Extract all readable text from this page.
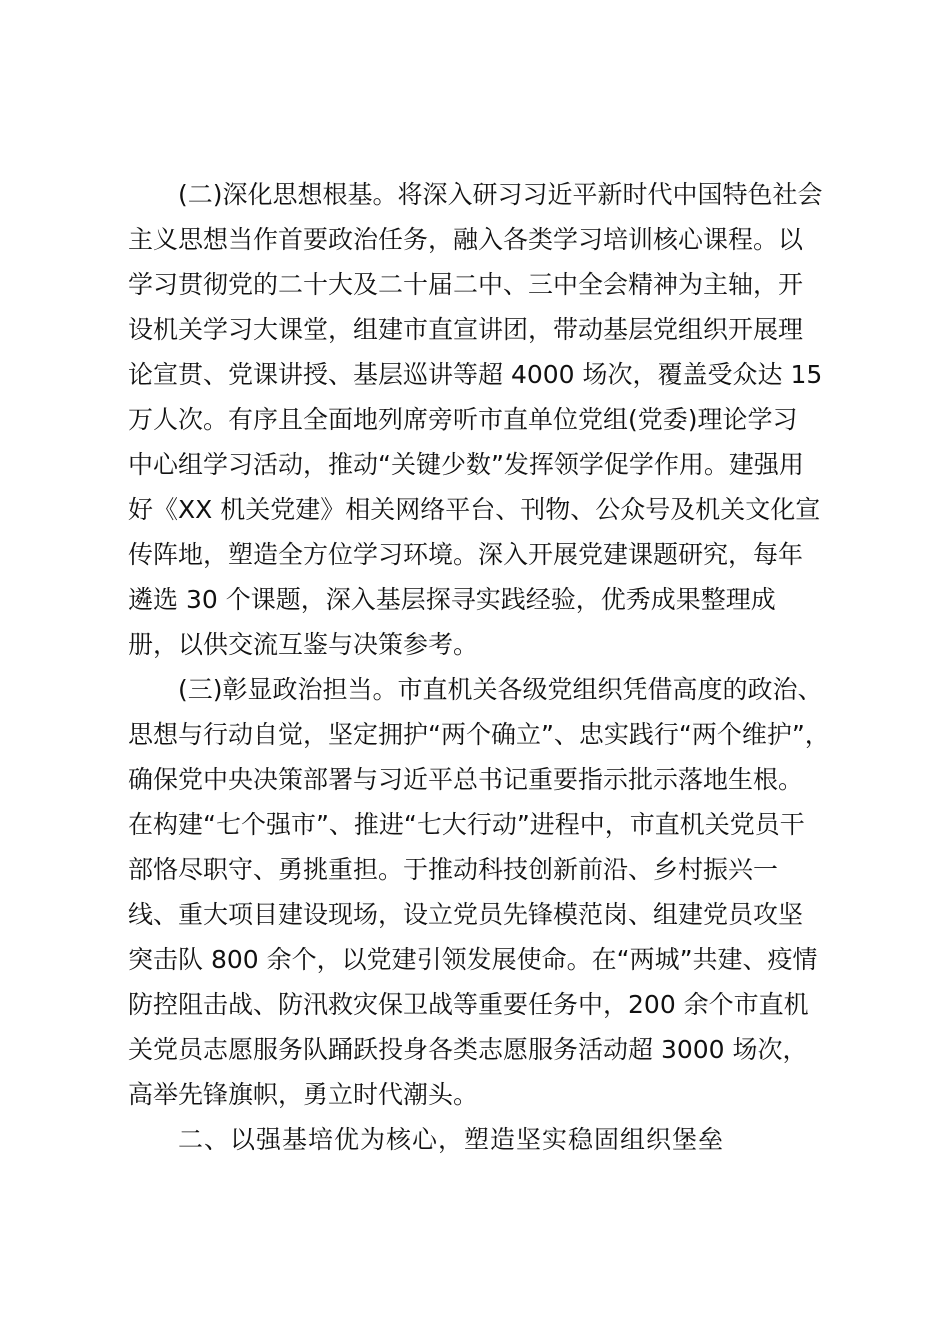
(二)深化思想根基。将深入研习习近平新时代中国特色社会
主义思想当作首要政治任务，融入各类学习培训核心课程。以
学习贯彻党的二十大及二十届二中、三中全会精神为主轴，开
设机关学习大课堂，组建市直宣讲团，带动基层党组织开展理
论宣贯、党课讲授、基层巡讲等超 4000 场次，覆盖受众达 15
万人次。有序且全面地列席旁听市直单位党组(党委)理论学习
中心组学习活动，推动“关键少数”发挥领学促学作用。建强用
好《XX 机关党建》相关网络平台、刊物、公众号及机关文化宣
传阵地，塑造全方位学习环境。深入开展党建课题研究，每年
遴选 30 个课题，深入基层探寻实践经验，优秀成果整理成
册，以供交流互鉴与决策参考。
(三)彰显政治担当。市直机关各级党组织凭借高度的政治、
思想与行动自觉，坚定拥护“两个确立”、忠实践行“两个维护”，
确保党中央决策部署与习近平总书记重要指示批示落地生根。
在构建“七个强市”、推进“七大行动”进程中，市直机关党员干
部恪尽职守、勇挑重担。于推动科技创新前沿、乡村振兴一
线、重大项目建设现场，设立党员先锋模范岗、组建党员攻坚
突击队 800 余个，以党建引领发展使命。在“两城”共建、疫情
防控阻击战、防汛救灾保卫战等重要任务中，200 余个市直机
关党员志愿服务队踊跃投身各类志愿服务活动超 3000 场次，
高举先锋旗帜，勇立时代潮头。
二、以强基培优为核心，塑造坚实稳固组织堡垒
